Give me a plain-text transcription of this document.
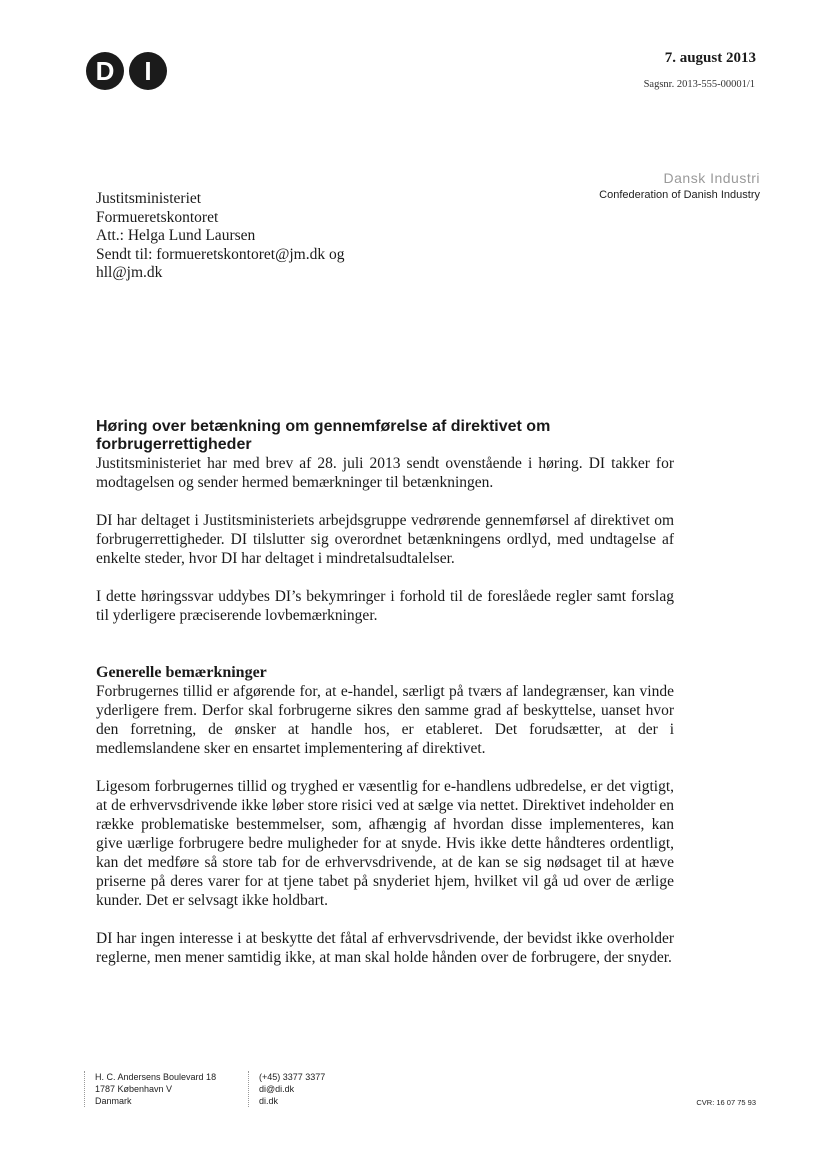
D	I	7. august 2013
Sagsnr. 2013-555-00001/1
Dansk Industri
Confederation of Danish Industry
Justitsministeriet
Formueretskontoret
Att.: Helga Lund Laursen
Sendt til: formueretskontoret@jm.dk og
hll@jm.dk
Høring over betænkning om gennemførelse af direktivet om forbrugerrettigheder

Justitsministeriet har med brev af 28. juli 2013 sendt ovenstående i høring. DI takker for modtagelsen og sender hermed bemærkninger til betænkningen.

DI har deltaget i Justitsministeriets arbejdsgruppe vedrørende gennemførsel af direktivet om forbrugerrettigheder. DI tilslutter sig overordnet betænkningens ordlyd, med undtagelse af enkelte steder, hvor DI har deltaget i mindretalsudtalelser.

I dette høringssvar uddybes DI’s bekymringer i forhold til de foreslåede regler samt forslag til yderligere præciserende lovbemærkninger.

Generelle bemærkninger

Forbrugernes tillid er afgørende for, at e-handel, særligt på tværs af landegrænser, kan vinde yderligere frem. Derfor skal forbrugerne sikres den samme grad af beskyttelse, uanset hvor den forretning, de ønsker at handle hos, er etableret. Det forudsætter, at der i medlemslandene sker en ensartet implementering af direktivet.

Ligesom forbrugernes tillid og tryghed er væsentlig for e-handlens udbredelse, er det vigtigt, at de erhvervsdrivende ikke løber store risici ved at sælge via nettet. Direktivet indeholder en række problematiske bestemmelser, som, afhængig af hvordan disse implementeres, kan give uærlige forbrugere bedre muligheder for at snyde. Hvis ikke dette håndteres ordentligt, kan det medføre så store tab for de erhvervsdrivende, at de kan se sig nødsaget til at hæve priserne på deres varer for at tjene tabet på snyderiet hjem, hvilket vil gå ud over de ærlige kunder. Det er selvsagt ikke holdbart.

DI har ingen interesse i at beskytte det fåtal af erhvervsdrivende, der bevidst ikke overholder reglerne, men mener samtidig ikke, at man skal holde hånden over de forbrugere, der snyder.

H. C. Andersens Boulevard 18
1787 København V
Danmark
(+45) 3377 3377
di@di.dk
di.dk	CVR: 16 07 75 93
